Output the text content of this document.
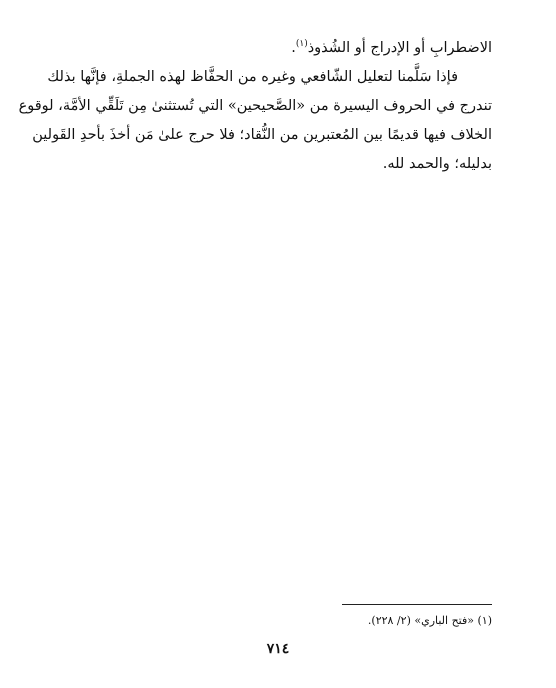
الاضطرابِ أو الإدراج أو الشُذوذ$^{(١)}$.

فإذا سَلَّمنا لتعليل الشّافعي وغيره من الحفَّاظ لهذه الجملةِ، فإنَّها بذلك

تندرج في الحروف اليسيرة من «الصَّحيحين» التي تُستثنىٰ مِن تَلَقِّي الأمَّة، لوقوع

الخلاف فيها قديمًا بين المُعتبرين من النُّقاد؛ فلا حرج علىٰ مَن أخذَ بأحدِ القَولين

بدليله؛ والحمد لله.

(١) «فتح الباري» (٢/ ٢٢٨).
٧١٤
